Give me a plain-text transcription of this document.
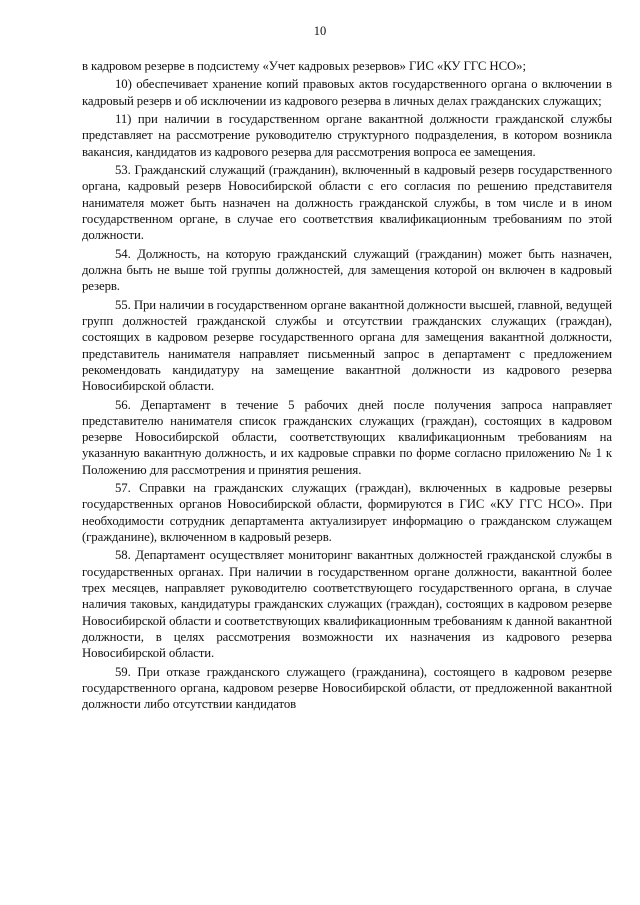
10

в кадровом резерве в подсистему «Учет кадровых резервов» ГИС «КУ ГГС НСО»;

10) обеспечивает хранение копий правовых актов государственного органа о включении в кадровый резерв и об исключении из кадрового резерва в личных делах гражданских служащих;

11) при наличии в государственном органе вакантной должности гражданской службы представляет на рассмотрение руководителю структурного подразделения, в котором возникла вакансия, кандидатов из кадрового резерва для рассмотрения вопроса ее замещения.

53. Гражданский служащий (гражданин), включенный в кадровый резерв государственного органа, кадровый резерв Новосибирской области с его согласия по решению представителя нанимателя может быть назначен на должность гражданской службы, в том числе и в ином государственном органе, в случае его соответствия квалификационным требованиям по этой должности.

54. Должность, на которую гражданский служащий (гражданин) может быть назначен, должна быть не выше той группы должностей, для замещения которой он включен в кадровый резерв.

55. При наличии в государственном органе вакантной должности высшей, главной, ведущей групп должностей гражданской службы и отсутствии гражданских служащих (граждан), состоящих в кадровом резерве государственного органа для замещения вакантной должности, представитель нанимателя направляет письменный запрос в департамент с предложением рекомендовать кандидатуру на замещение вакантной должности из кадрового резерва Новосибирской области.

56. Департамент в течение 5 рабочих дней после получения запроса направляет представителю нанимателя список гражданских служащих (граждан), состоящих в кадровом резерве Новосибирской области, соответствующих квалификационным требованиям на указанную вакантную должность, и их кадровые справки по форме согласно приложению № 1 к Положению для рассмотрения и принятия решения.

57. Справки на гражданских служащих (граждан), включенных в кадровые резервы государственных органов Новосибирской области, формируются в ГИС «КУ ГГС НСО». При необходимости сотрудник департамента актуализирует информацию о гражданском служащем (гражданине), включенном в кадровый резерв.

58. Департамент осуществляет мониторинг вакантных должностей гражданской службы в государственных органах. При наличии в государственном органе должности, вакантной более трех месяцев, направляет руководителю соответствующего государственного органа, в случае наличия таковых, кандидатуры гражданских служащих (граждан), состоящих в кадровом резерве Новосибирской области и соответствующих квалификационным требованиям к данной вакантной должности, в целях рассмотрения возможности их назначения из кадрового резерва Новосибирской области.

59. При отказе гражданского служащего (гражданина), состоящего в кадровом резерве государственного органа, кадровом резерве Новосибирской области, от предложенной вакантной должности либо отсутствии кандидатов
